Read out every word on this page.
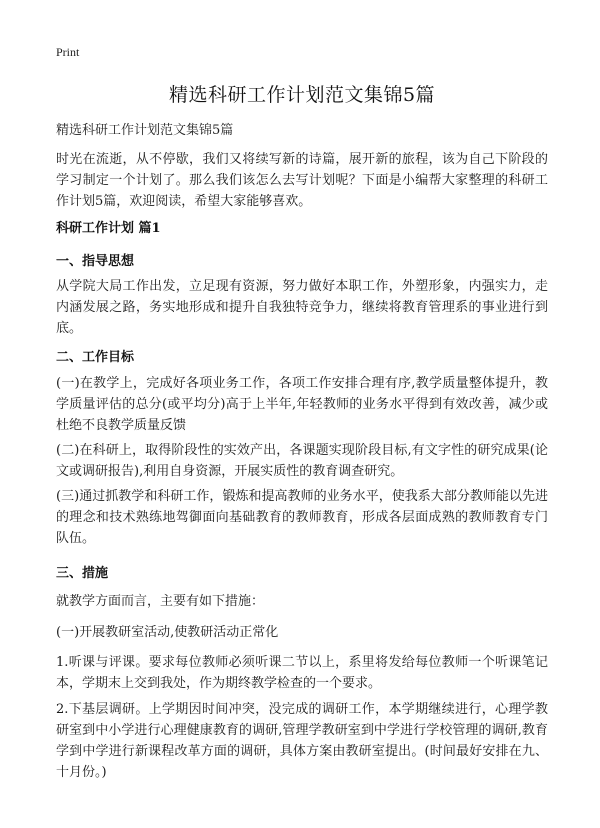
Print
精选科研工作计划范文集锦5篇
精选科研工作计划范文集锦5篇
时光在流逝，从不停歇，我们又将续写新的诗篇，展开新的旅程，该为自己下阶段的学习制定一个计划了。那么我们该怎么去写计划呢？下面是小编帮大家整理的科研工作计划5篇，欢迎阅读，希望大家能够喜欢。
科研工作计划 篇1
一、指导思想
从学院大局工作出发，立足现有资源，努力做好本职工作，外塑形象，内强实力，走内涵发展之路，务实地形成和提升自我独特竞争力，继续将教育管理系的事业进行到底。
二、工作目标
(一)在教学上，完成好各项业务工作，各项工作安排合理有序,教学质量整体提升，教学质量评估的总分(或平均分)高于上半年,年轻教师的业务水平得到有效改善，减少或杜绝不良教学质量反馈
(二)在科研上，取得阶段性的实效产出，各课题实现阶段目标,有文字性的研究成果(论文或调研报告),利用自身资源，开展实质性的教育调查研究。
(三)通过抓教学和科研工作，锻炼和提高教师的业务水平，使我系大部分教师能以先进的理念和技术熟练地驾御面向基础教育的教师教育，形成各层面成熟的教师教育专门队伍。
三、措施
就教学方面而言，主要有如下措施：
(一)开展教研室活动,使教研活动正常化
1.听课与评课。要求每位教师必须听课二节以上，系里将发给每位教师一个听课笔记本，学期末上交到我处，作为期终教学检查的一个要求。
2.下基层调研。上学期因时间冲突，没完成的调研工作，本学期继续进行，心理学教研室到中小学进行心理健康教育的调研,管理学教研室到中学进行学校管理的调研,教育学到中学进行新课程改革方面的调研，具体方案由教研室提出。(时间最好安排在九、十月份。)
